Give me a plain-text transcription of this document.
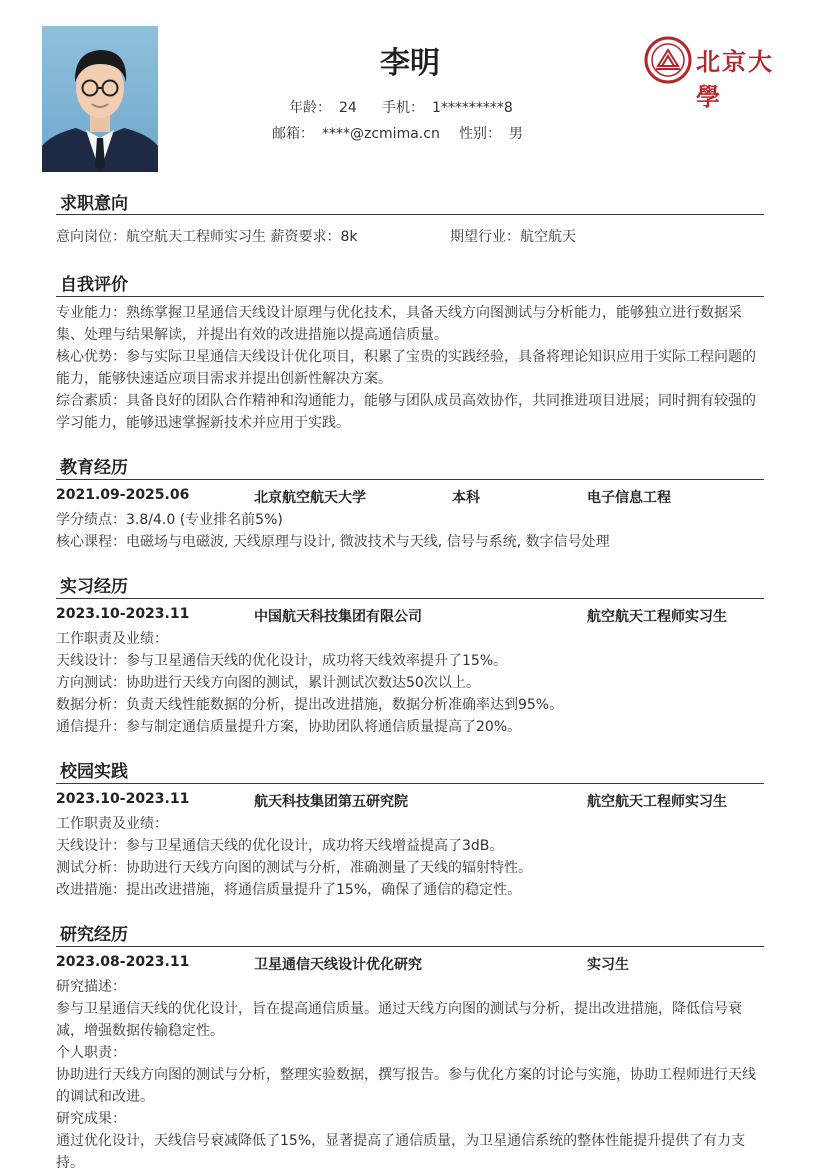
李明
年龄： 24 手机： 1*********8
邮箱： ****@zcmima.cn 性别： 男
北京大學
求职意向
意向岗位：航空航天工程师实习生 薪资要求：8k	期望行业：航空航天
自我评价
专业能力：熟练掌握卫星通信天线设计原理与优化技术，具备天线方向图测试与分析能力，能够独立进行数据采集、处理与结果解读，并提出有效的改进措施以提高通信质量。
核心优势：参与实际卫星通信天线设计优化项目，积累了宝贵的实践经验，具备将理论知识应用于实际工程问题的能力，能够快速适应项目需求并提出创新性解决方案。
综合素质：具备良好的团队合作精神和沟通能力，能够与团队成员高效协作，共同推进项目进展；同时拥有较强的学习能力，能够迅速掌握新技术并应用于实践。
教育经历
2021.09-2025.06	北京航空航天大学	本科	电子信息工程
学分绩点：3.8/4.0 (专业排名前5%)
核心课程：电磁场与电磁波, 天线原理与设计, 微波技术与天线, 信号与系统, 数字信号处理
实习经历
2023.10-2023.11	中国航天科技集团有限公司	航空航天工程师实习生
工作职责及业绩：
天线设计：参与卫星通信天线的优化设计，成功将天线效率提升了15%。
方向测试：协助进行天线方向图的测试，累计测试次数达50次以上。
数据分析：负责天线性能数据的分析，提出改进措施，数据分析准确率达到95%。
通信提升：参与制定通信质量提升方案，协助团队将通信质量提高了20%。
校园实践
2023.10-2023.11	航天科技集团第五研究院	航空航天工程师实习生
工作职责及业绩：
天线设计：参与卫星通信天线的优化设计，成功将天线增益提高了3dB。
测试分析：协助进行天线方向图的测试与分析，准确测量了天线的辐射特性。
改进措施：提出改进措施，将通信质量提升了15%，确保了通信的稳定性。
研究经历
2023.08-2023.11	卫星通信天线设计优化研究	实习生
研究描述：
参与卫星通信天线的优化设计，旨在提高通信质量。通过天线方向图的测试与分析，提出改进措施，降低信号衰减，增强数据传输稳定性。
个人职责：
协助进行天线方向图的测试与分析，整理实验数据，撰写报告。参与优化方案的讨论与实施，协助工程师进行天线的调试和改进。
研究成果：
通过优化设计，天线信号衰减降低了15%，显著提高了通信质量，为卫星通信系统的整体性能提升提供了有力支持。
